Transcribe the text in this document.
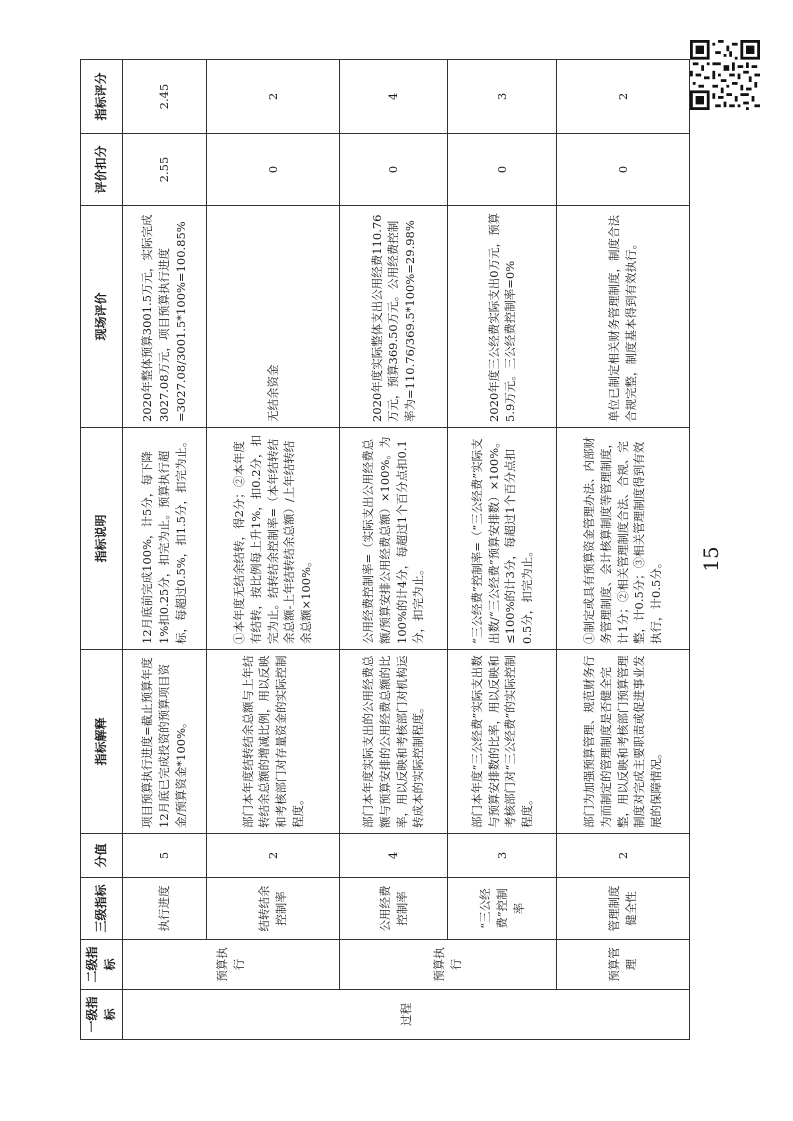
一级指标	二级指标	三级指标	分值	指标解释	指标说明	现场评价	评价扣分	指标评分
过程	预算执行	执行进度	5	项目预算执行进度=截止预算年度12月底已完成投资的预算项目资金/预算资金*100%。	12月底前完成100%，计5分，每下降1%扣0.25分，扣完为止。预算执行超标，每超过0.5%，扣1.5分，扣完为止。	2020年整体预算3001.5万元，实际完成3027.08万元，项目预算执行进度=3027.08/3001.5*100%=100.85%	2.55	2.45
		结转结余控制率	2	部门本年度结转结余总额与上年结转结余总额的增减比例，用以反映和考核部门对存量资金的实际控制程度。	①本年度无结余结转，得2分；②本年度有结转，按比例每上升1%，扣0.2分，扣完为止。结转结余控制率=（本年结转结余总额-上年结转结余总额）/上年结转结余总额×100%。	无结余资金	0	2
	预算执行	公用经费控制率	4	部门本年度实际支出的公用经费总额与预算安排的公用经费总额的比率，用以反映和考核部门对机构运转成本的实际控制程度。	公用经费控制率=（实际支出公用经费总额/预算安排公用经费总额）×100%。为100%的计4分，每超过1个百分点扣0.1分，扣完为止。	2020年度实际整体支出公用经费110.76万元，预算369.50万元。公用经费控制率为=110.76/369.5*100%=29.98%	0	4
		“三公经费”控制率	3	部门本年度“三公经费”实际支出数与预算安排数的比率，用以反映和考核部门对“三公经费”的实际控制程度。	“三公经费”控制率=（“三公经费”实际支出数/“三公经费”预算安排数）×100%。≤100%的计3分，每超过1个百分点扣0.5分，扣完为止。	2020年度三公经费实际支出0万元，预算5.9万元。三公经费控制率=0%	0	3
	预算管理	管理制度健全性	2	部门为加强预算管理、规范财务行为而制定的管理制度是否健全完整，用以反映和考核部门预算管理制度对完成主要职责或促进事业发展的保障情况。	①制定或具有预算资金管理办法、内部财务管理制度、会计核算制度等管理制度，计1分；②相关管理制度合法、合规、完整，计0.5分；③相关管理制度得到有效执行，计0.5分。	单位已制定相关财务管理制度，制度合法合规完整，制度基本得到有效执行。	0	2
15
